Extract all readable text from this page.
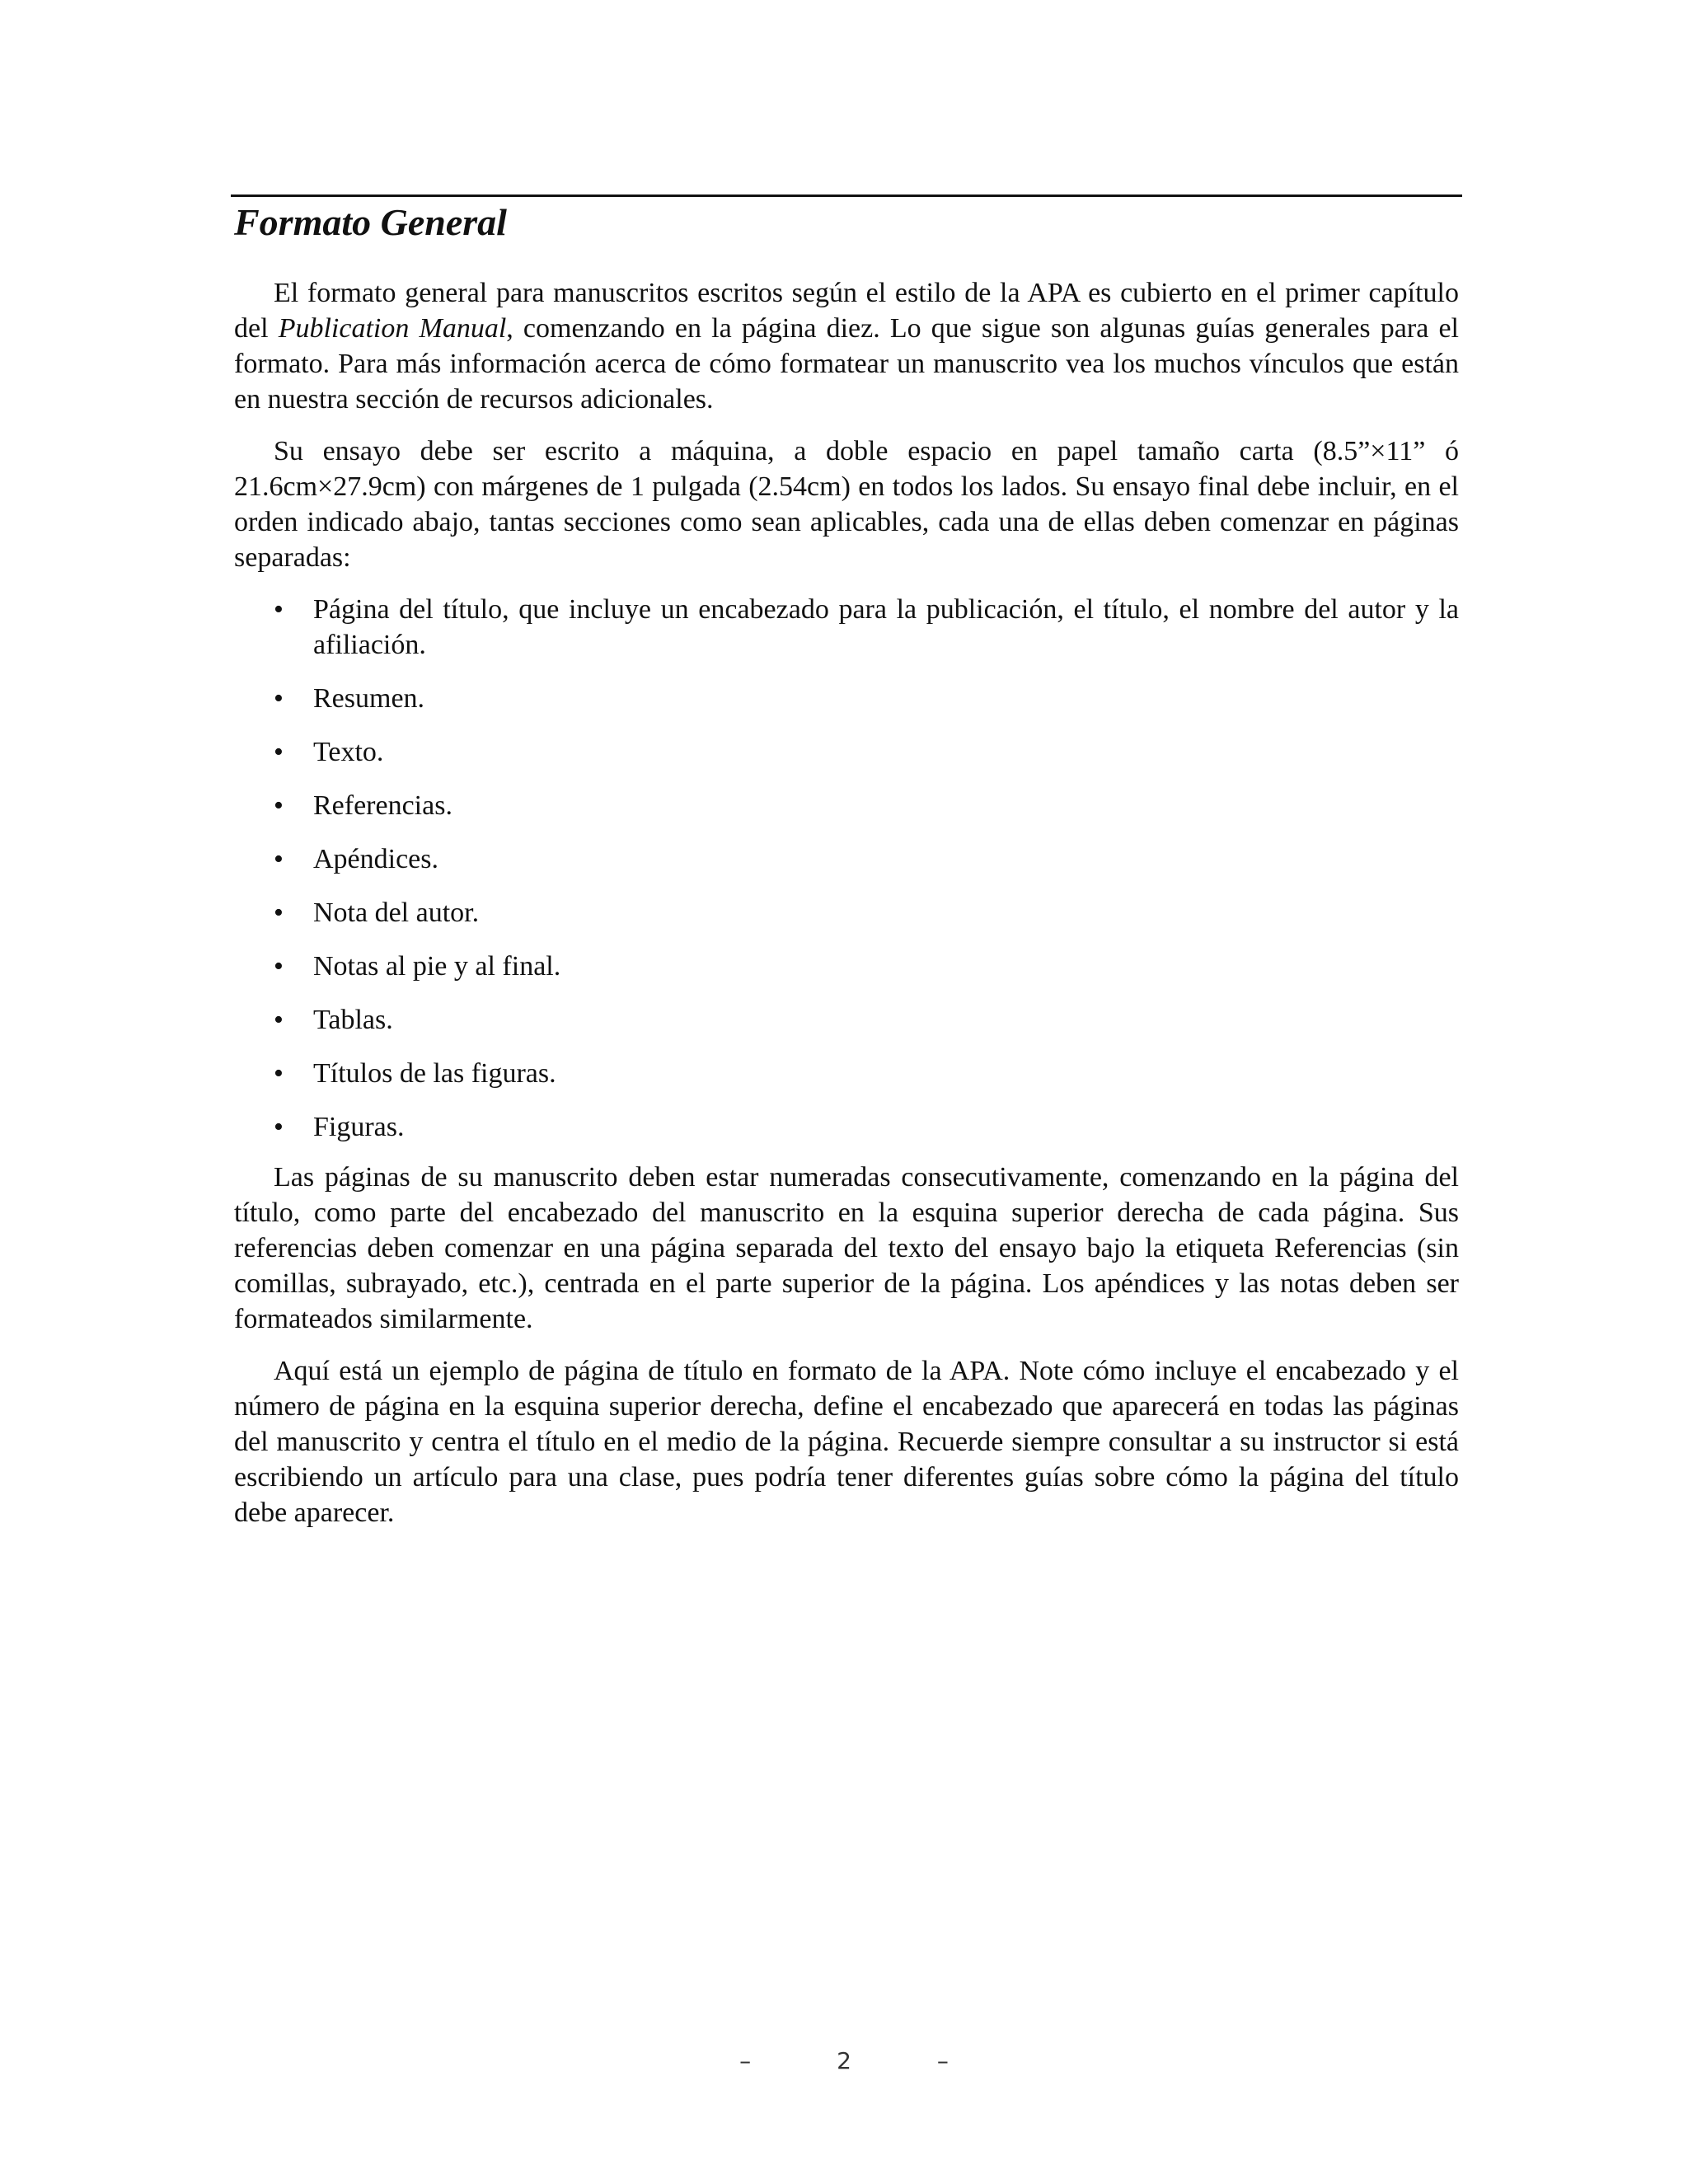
Formato General

El formato general para manuscritos escritos según el estilo de la APA es cubierto en el primer capítulo del Publication Manual, comenzando en la página diez. Lo que sigue son algunas guías generales para el formato. Para más información acerca de cómo formatear un manuscrito vea los muchos vínculos que están en nuestra sección de recursos adicionales.

Su ensayo debe ser escrito a máquina, a doble espacio en papel tamaño carta (8.5”×11” ó 21.6cm×27.9cm) con márgenes de 1 pulgada (2.54cm) en todos los lados. Su ensayo final debe incluir, en el orden indicado abajo, tantas secciones como sean aplicables, cada una de ellas deben comenzar en páginas separadas:

•	Página del título, que incluye un encabezado para la publicación, el título, el nombre del autor y la afiliación.
•	Resumen.
•	Texto.
•	Referencias.
•	Apéndices.
•	Nota del autor.
•	Notas al pie y al final.
•	Tablas.
•	Títulos de las figuras.
•	Figuras.

Las páginas de su manuscrito deben estar numeradas consecutivamente, comenzando en la página del título, como parte del encabezado del manuscrito en la esquina superior derecha de cada página. Sus referencias deben comenzar en una página separada del texto del ensayo bajo la etiqueta Referencias (sin comillas, subrayado, etc.), centrada en el parte superior de la página. Los apéndices y las notas deben ser formateados similarmente.

Aquí está un ejemplo de página de título en formato de la APA. Note cómo incluye el encabezado y el número de página en la esquina superior derecha, define el encabezado que aparecerá en todas las páginas del manuscrito y centra el título en el medio de la página. Recuerde siempre consultar a su instructor si está escribiendo un artículo para una clase, pues podría tener diferentes guías sobre cómo la página del título debe aparecer.

–	2	–
